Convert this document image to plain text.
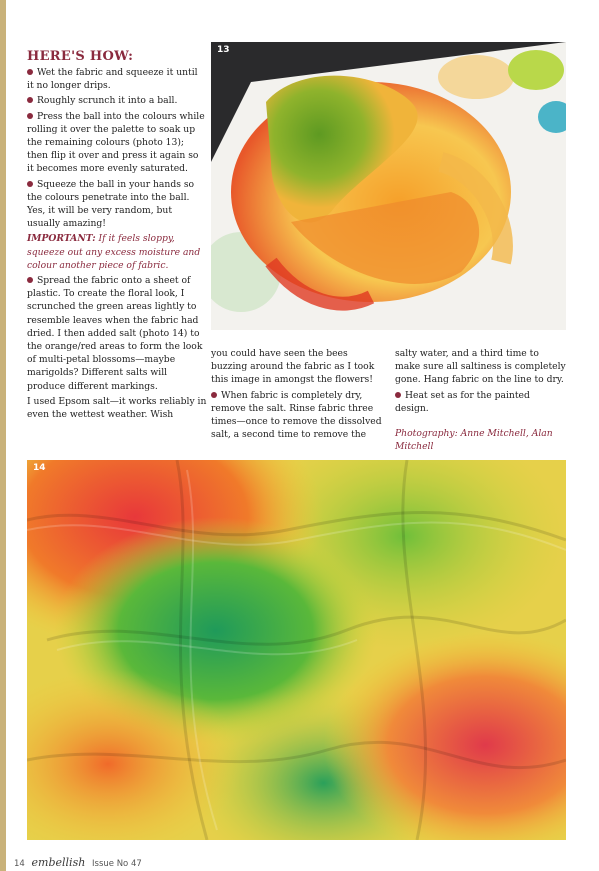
HERE'S HOW:

Wet the fabric and squeeze it until it no longer drips.

Roughly scrunch it into a ball.

Press the ball into the colours while rolling it over the palette to soak up the remaining colours (photo 13); then flip it over and press it again so it becomes more evenly saturated.

Squeeze the ball in your hands so the colours penetrate into the ball. Yes, it will be very random, but usually amazing!

IMPORTANT: If it feels sloppy, squeeze out any excess moisture and colour another piece of fabric.

Spread the fabric onto a sheet of plastic. To create the floral look, I scrunched the green areas lightly to resemble leaves when the fabric had dried. I then added salt (photo 14) to the orange/red areas to form the look of multi-petal blossoms—maybe marigolds? Different salts will produce different markings.

I used Epsom salt—it works reliably in even the wettest weather. Wish

13

you could have seen the bees buzzing around the fabric as I took this image in amongst the flowers!

When fabric is completely dry, remove the salt. Rinse fabric three times—once to remove the dissolved salt, a second time to remove the

salty water, and a third time to make sure all saltiness is completely gone. Hang fabric on the line to dry.

Heat set as for the painted design.

Photography: Anne Mitchell, Alan Mitchell

14
14 embellish Issue No 47
